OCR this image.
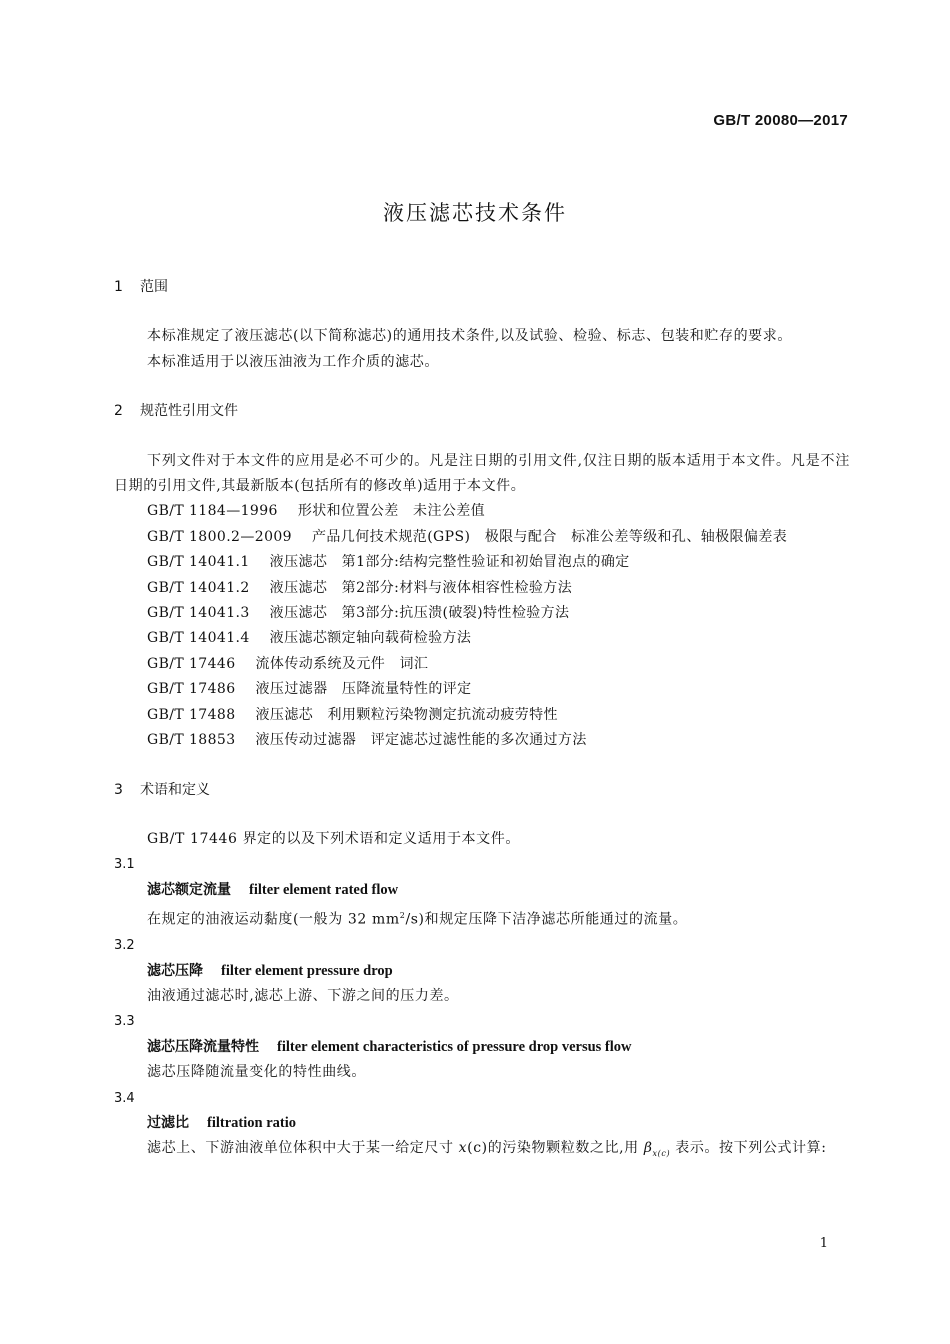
GB/T 20080—2017
液压滤芯技术条件
1 范围

本标准规定了液压滤芯(以下简称滤芯)的通用技术条件,以及试验、检验、标志、包装和贮存的要求。

本标准适用于以液压油液为工作介质的滤芯。

2 规范性引用文件

下列文件对于本文件的应用是必不可少的。凡是注日期的引用文件,仅注日期的版本适用于本文件。凡是不注日期的引用文件,其最新版本(包括所有的修改单)适用于本文件。

GB/T 1184—1996 形状和位置公差　未注公差值

GB/T 1800.2—2009 产品几何技术规范(GPS)　极限与配合　标准公差等级和孔、轴极限偏差表

GB/T 14041.1 液压滤芯　第1部分:结构完整性验证和初始冒泡点的确定

GB/T 14041.2 液压滤芯　第2部分:材料与液体相容性检验方法

GB/T 14041.3 液压滤芯　第3部分:抗压溃(破裂)特性检验方法

GB/T 14041.4 液压滤芯额定轴向载荷检验方法

GB/T 17446 流体传动系统及元件　词汇

GB/T 17486 液压过滤器　压降流量特性的评定

GB/T 17488 液压滤芯　利用颗粒污染物测定抗流动疲劳特性

GB/T 18853 液压传动过滤器　评定滤芯过滤性能的多次通过方法

3 术语和定义

GB/T 17446 界定的以及下列术语和定义适用于本文件。

3.1
滤芯额定流量 filter element rated flow
在规定的油液运动黏度(一般为 32 $mm^2/s$)和规定压降下洁净滤芯所能通过的流量。
3.2
滤芯压降 filter element pressure drop
油液通过滤芯时,滤芯上游、下游之间的压力差。
3.3
滤芯压降流量特性 filter element characteristics of pressure drop versus flow
滤芯压降随流量变化的特性曲线。
3.4
过滤比 filtration ratio

滤芯上、下游油液单位体积中大于某一给定尺寸 x(c)的污染物颗粒数之比,用 $\beta_{x(c)}$ 表示。按下列公式计算:

1
